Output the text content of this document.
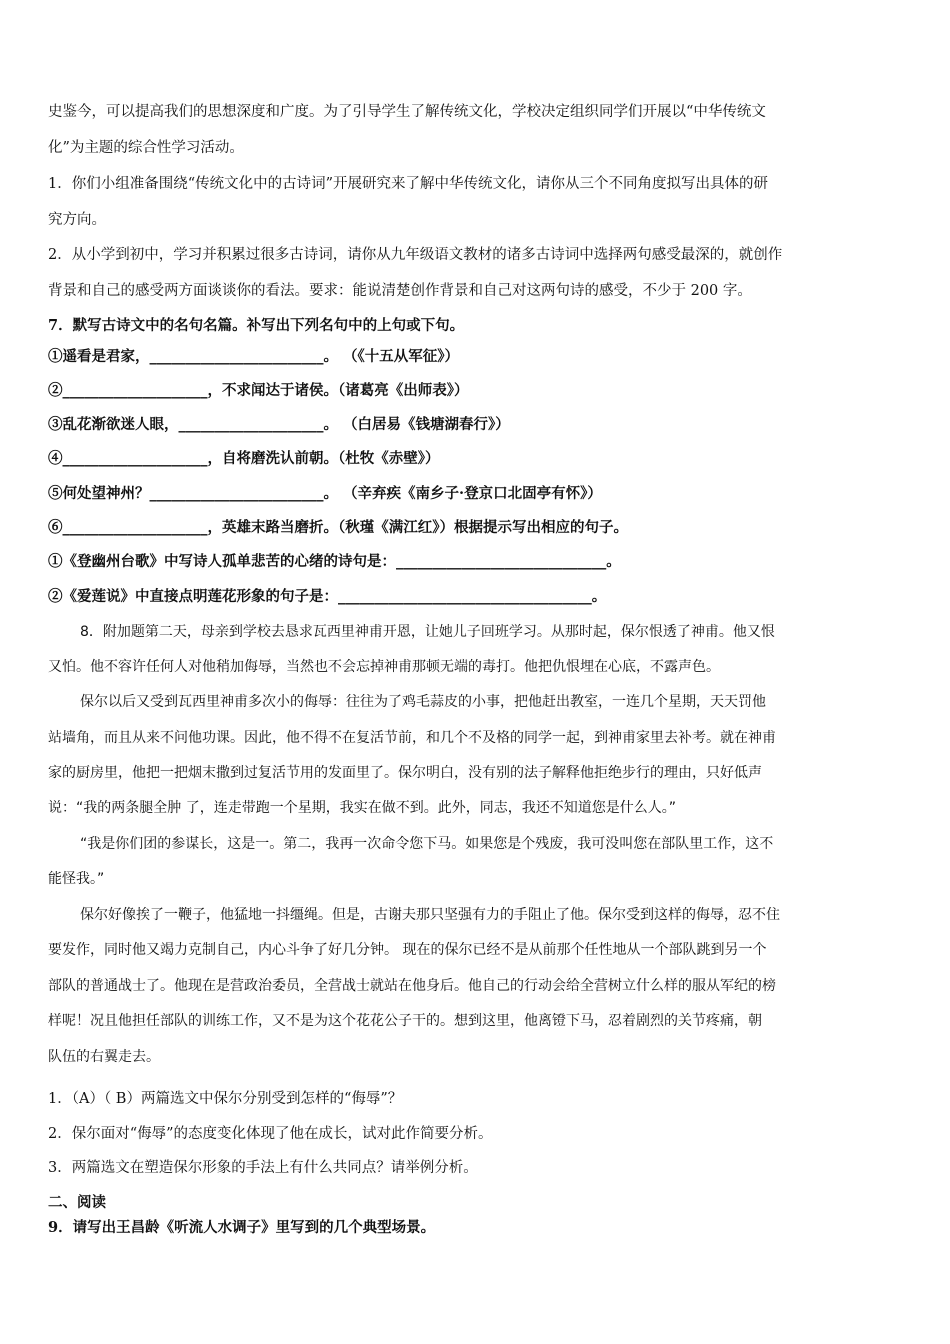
史鉴今，可以提高我们的思想深度和广度。为了引导学生了解传统文化，学校决定组织同学们开展以“中华传统文
化”为主题的综合性学习活动。
1．你们小组准备围绕“传统文化中的古诗词”开展研究来了解中华传统文化，请你从三个不同角度拟写出具体的研
究方向。
2．从小学到初中，学习并积累过很多古诗词，请你从九年级语文教材的诸多古诗词中选择两句感受最深的，就创作
背景和自己的感受两方面谈谈你的看法。要求：能说清楚创作背景和自己对这两句诗的感受，不少于 200 字。
7．默写古诗文中的名句名篇。补写出下列名句中的上句或下句。
①遥看是君家，________________________。 （《十五从军征》）
②____________________，不求闻达于诸侯。（诸葛亮《出师表》）
③乱花渐欲迷人眼，____________________。 （白居易《钱塘湖春行》）
④____________________，自将磨洗认前朝。（杜牧《赤壁》）
⑤何处望神州？________________________。 （辛弃疾《南乡子·登京口北固亭有怀》）
⑥____________________，英雄末路当磨折。（秋瑾《满江红》）根据提示写出相应的句子。
①《登幽州台歌》中写诗人孤单悲苦的心绪的诗句是：_____________________________。
②《爱莲说》中直接点明莲花形象的句子是：___________________________________。
8．附加题第二天，母亲到学校去恳求瓦西里神甫开恩，让她儿子回班学习。从那时起，保尔恨透了神甫。他又恨
又怕。他不容许任何人对他稍加侮辱，当然也不会忘掉神甫那顿无端的毒打。他把仇恨埋在心底，不露声色。
保尔以后又受到瓦西里神甫多次小的侮辱：往往为了鸡毛蒜皮的小事，把他赶出教室，一连几个星期，天天罚他
站墙角，而且从来不问他功课。因此，他不得不在复活节前，和几个不及格的同学一起，到神甫家里去补考。就在神甫
家的厨房里，他把一把烟末撒到过复活节用的发面里了。保尔明白，没有别的法子解释他拒绝步行的理由，只好低声
说：“我的两条腿全肿 了，连走带跑一个星期，我实在做不到。此外，同志，我还不知道您是什么人。”
“我是你们团的参谋长，这是一。第二，我再一次命令您下马。如果您是个残废，我可没叫您在部队里工作，这不
能怪我。”
保尔好像挨了一鞭子，他猛地一抖缰绳。但是，古谢夫那只坚强有力的手阻止了他。保尔受到这样的侮辱，忍不住
要发作，同时他又竭力克制自己，内心斗争了好几分钟。 现在的保尔已经不是从前那个任性地从一个部队跳到另一个
部队的普通战士了。他现在是营政治委员，全营战士就站在他身后。他自己的行动会给全营树立什么样的服从军纪的榜
样呢！况且他担任部队的训练工作，又不是为这个花花公子干的。想到这里，他离镫下马，忍着剧烈的关节疼痛，朝
队伍的右翼走去。
1．（A）（ B）两篇选文中保尔分别受到怎样的“侮辱”？
2．保尔面对“侮辱”的态度变化体现了他在成长，试对此作简要分析。
3．两篇选文在塑造保尔形象的手法上有什么共同点？请举例分析。
二、阅读
9．请写出王昌龄《听流人水调子》里写到的几个典型场景。
